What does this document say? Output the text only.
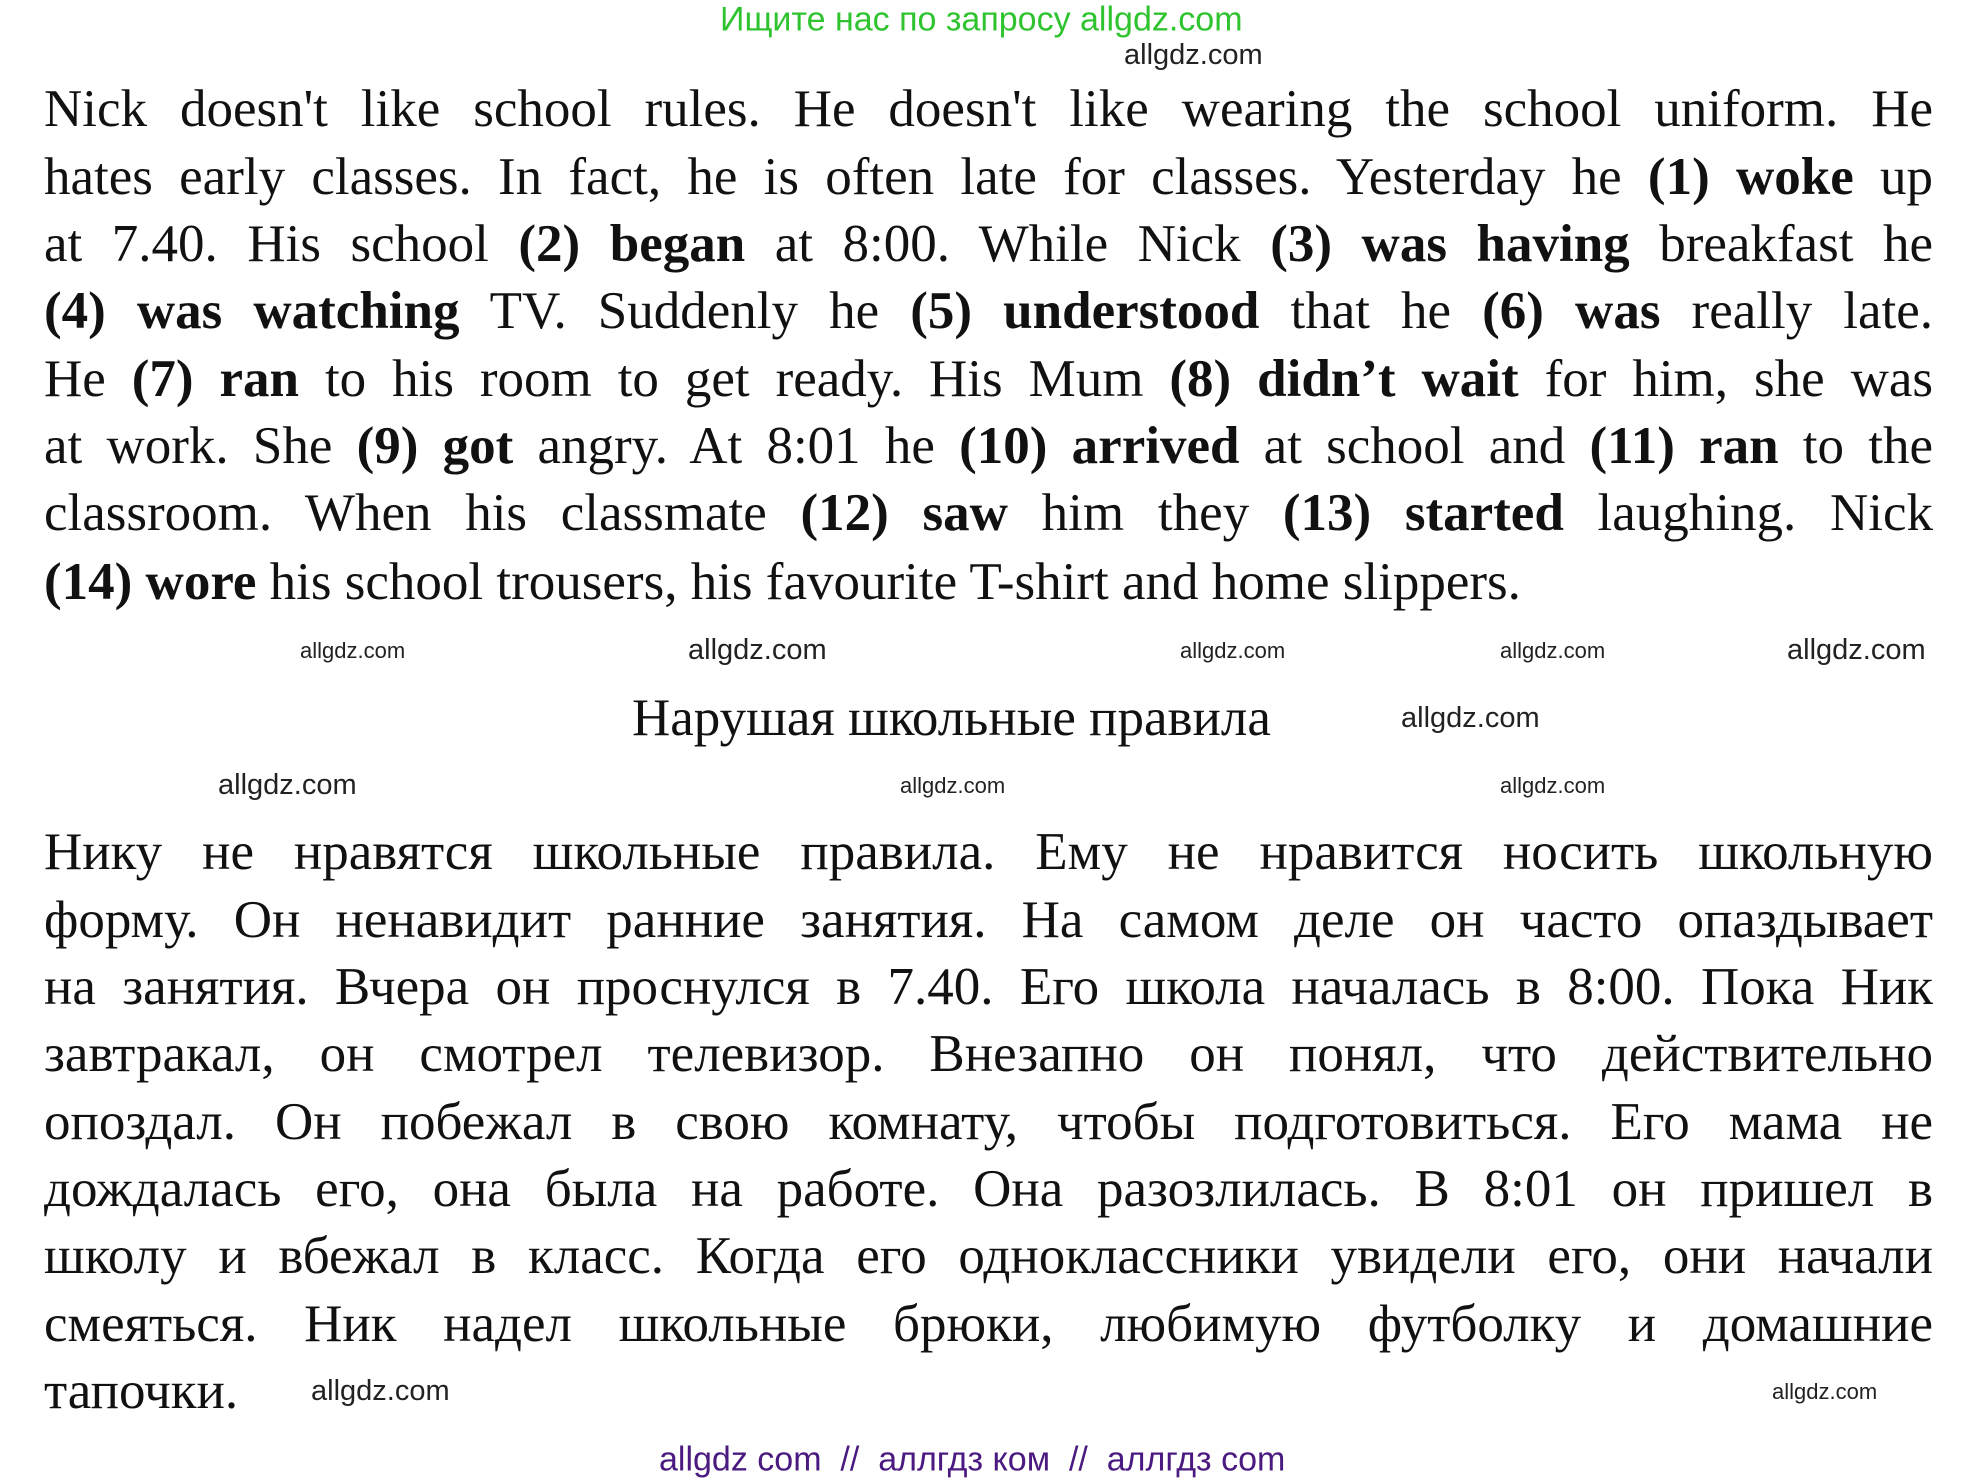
Ищите нас по запросу allgdz.com
Nick doesn't like school rules. He doesn't like wearing the school uniform. He
hates early classes. In fact, he is often late for classes. Yesterday he (1) woke up
at 7.40. His school (2) began at 8:00. While Nick (3) was having breakfast he
(4) was watching TV. Suddenly he (5) understood that he (6) was really late.
He (7) ran to his room to get ready. His Mum (8) didn’t wait for him, she was
at work. She (9) got angry. At 8:01 he (10) arrived at school and (11) ran to the
classroom. When his classmate (12) saw him they (13) started laughing. Nick
(14) wore his school trousers, his favourite T-shirt and home slippers.
Нарушая школьные правила
Нику не нравятся школьные правила. Ему не нравится носить школьную
форму. Он ненавидит ранние занятия. На самом деле он часто опаздывает
на занятия. Вчера он проснулся в 7.40. Его школа началась в 8:00. Пока Ник
завтракал, он смотрел телевизор. Внезапно он понял, что действительно
опоздал. Он побежал в свою комнату, чтобы подготовиться. Его мама не
дождалась его, она была на работе. Она разозлилась. В 8:01 он пришел в
школу и вбежал в класс. Когда его одноклассники увидели его, они начали
смеяться. Ник надел школьные брюки, любимую футболку и домашние
тапочки.
allgdz.com
allgdz.com	allgdz.com
allgdz.com	allgdz.com
allgdz.com
allgdz.com
allgdz.com	allgdz.com
allgdz.com
allgdz.com
allgdz.com
allgdz com  //  аллгдз ком  //  аллгдз com
